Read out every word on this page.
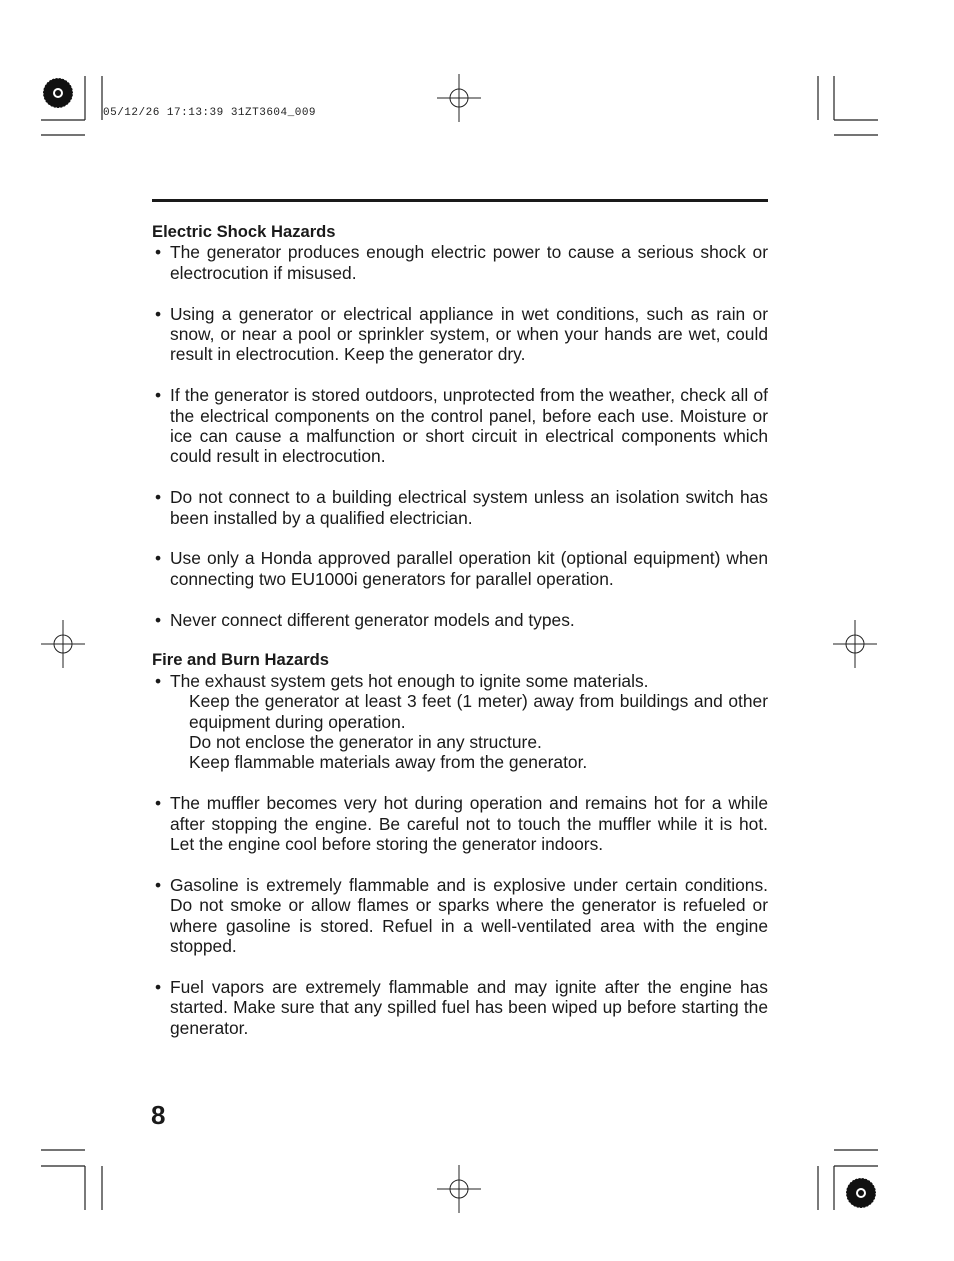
05/12/26 17:13:39 31ZT3604_009
Electric Shock Hazards
• The generator produces enough electric power to cause a serious shock or electrocution if misused.
• Using a generator or electrical appliance in wet conditions, such as rain or snow, or near a pool or sprinkler system, or when your hands are wet, could result in electrocution. Keep the generator dry.
• If the generator is stored outdoors, unprotected from the weather, check all of the electrical components on the control panel, before each use. Moisture or ice can cause a malfunction or short circuit in electrical components which could result in electrocution.
• Do not connect to a building electrical system unless an isolation switch has been installed by a qualified electrician.
• Use only a Honda approved parallel operation kit (optional equipment) when connecting two EU1000i generators for parallel operation.
• Never connect different generator models and types.
Fire and Burn Hazards
• The exhaust system gets hot enough to ignite some materials.
Keep the generator at least 3 feet (1 meter) away from buildings and other equipment during operation.
Do not enclose the generator in any structure.
Keep flammable materials away from the generator.
• The muffler becomes very hot during operation and remains hot for a while after stopping the engine. Be careful not to touch the muffler while it is hot. Let the engine cool before storing the generator indoors.
• Gasoline is extremely flammable and is explosive under certain conditions. Do not smoke or allow flames or sparks where the generator is refueled or where gasoline is stored. Refuel in a well-ventilated area with the engine stopped.
• Fuel vapors are extremely flammable and may ignite after the engine has started. Make sure that any spilled fuel has been wiped up before starting the generator.
8
